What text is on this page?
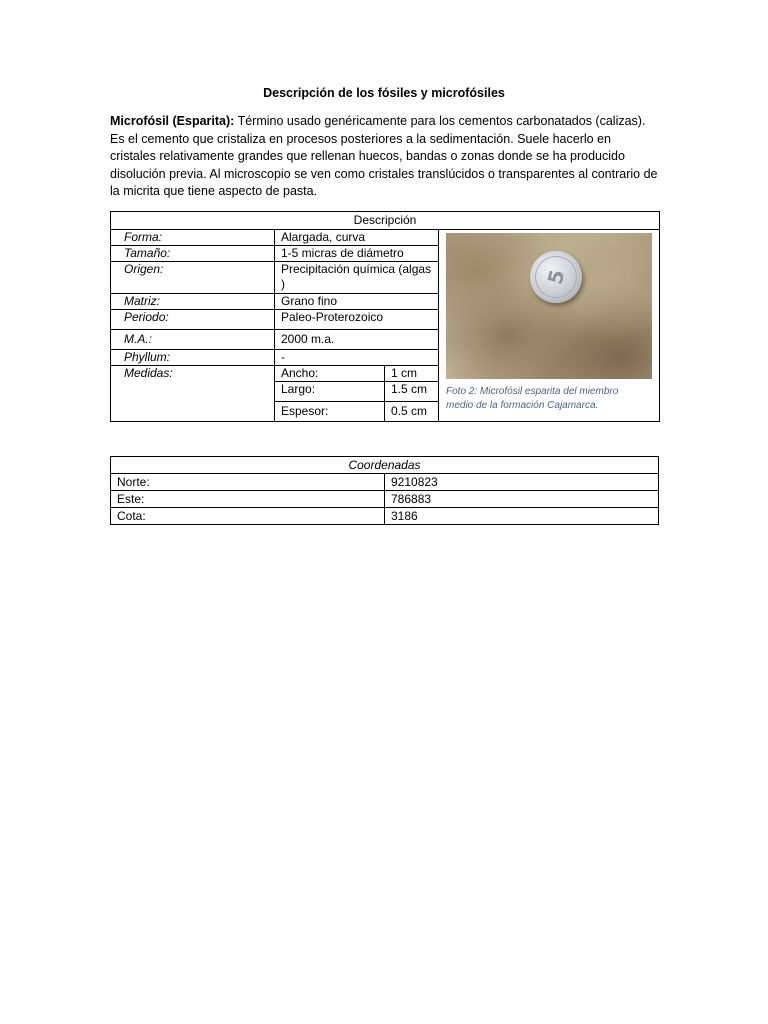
Descripción de los fósiles y microfósiles
Microfósil (Esparita): Término usado genéricamente para los cementos carbonatados (calizas). Es el cemento que cristaliza en procesos posteriores a la sedimentación. Suele hacerlo en cristales relativamente grandes que rellenan huecos, bandas o zonas donde se ha producido disolución previa. Al microscopio se ven como cristales translúcidos o transparentes al contrario de la micrita que tiene aspecto de pasta.
Descripción			
Forma:	Alargada, curva		5
Foto 2: Microfósil esparita del miembro medio de la formación Cajamarca.

Tamaño:	1-5 micras de diámetro		
Origen:	Precipitación química (algas )		
Matriz:	Grano fino		
Periodo:	Paleo-Proterozoico		
M.A.:	2000 m.a.		
Phyllum:	-		
Medidas:	Ancho:	1 cm	
	Largo:	1.5 cm	
	Espesor:	0.5 cm	
Coordenadas	
Norte:	9210823
Este:	786883
Cota:	3186
